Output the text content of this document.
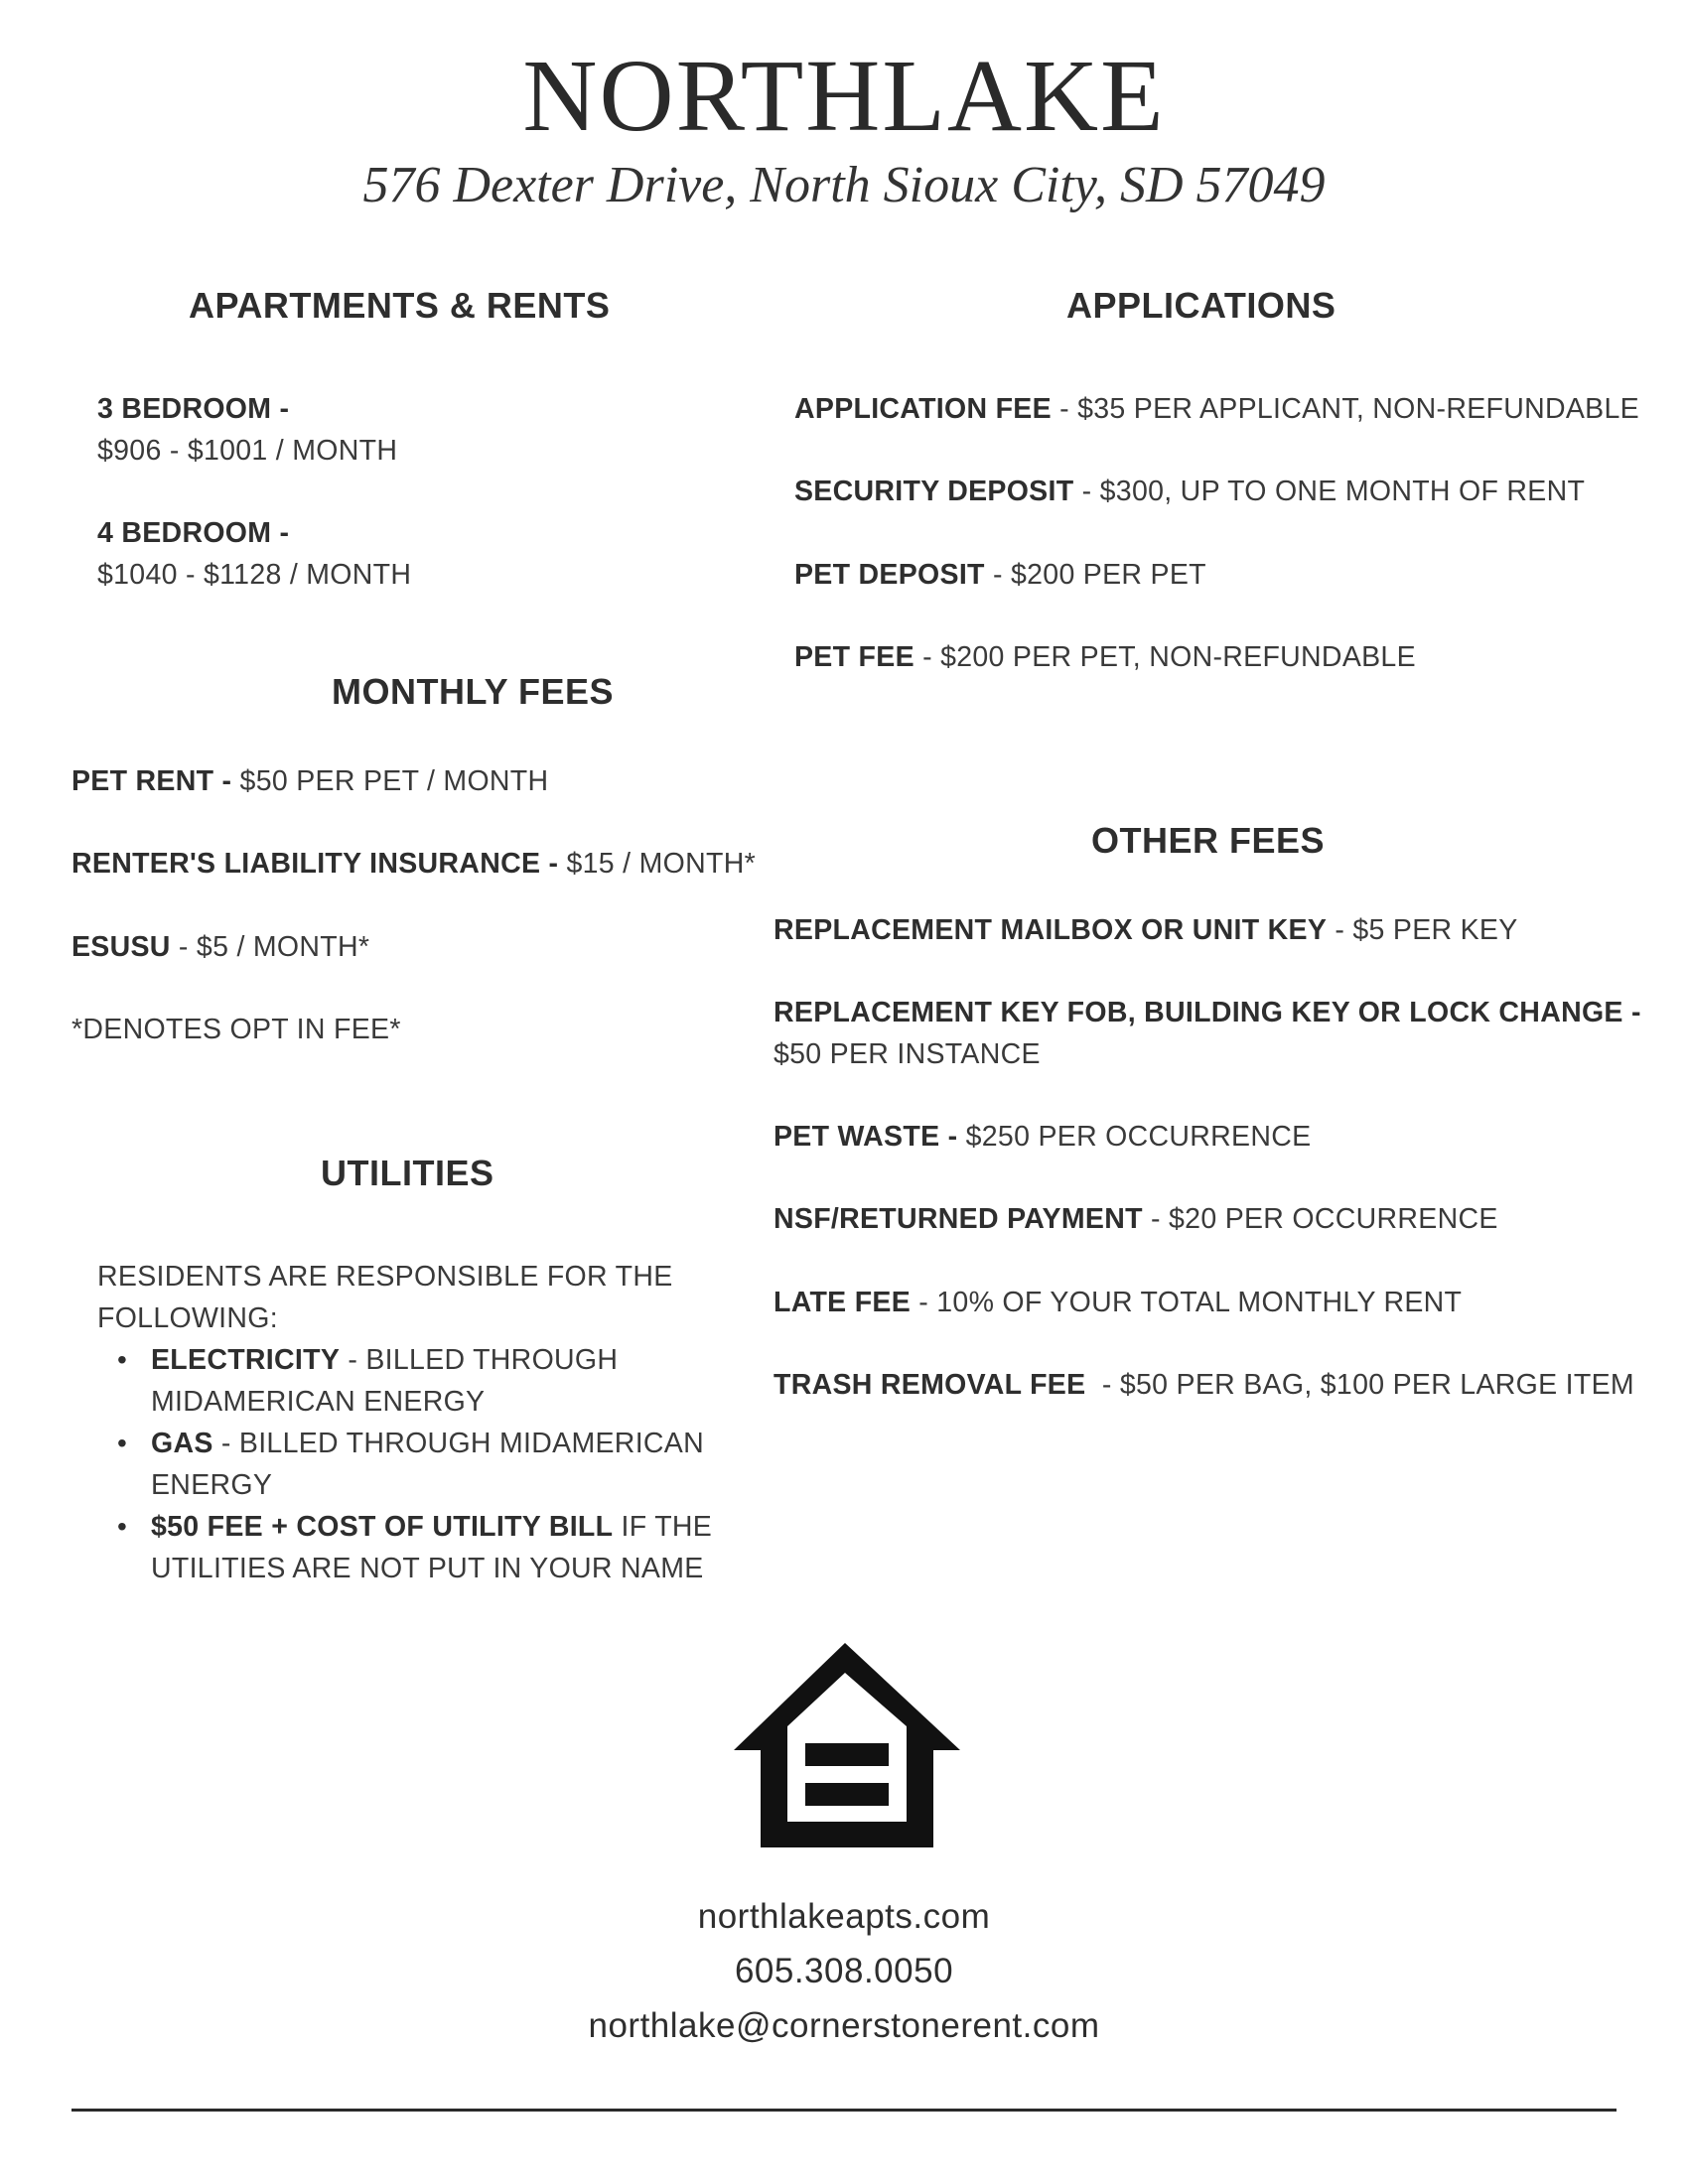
NORTHLAKE
576 Dexter Drive, North Sioux City, SD 57049
APARTMENTS & RENTS
3 BEDROOM -
$906 - $1001 / MONTH
4 BEDROOM -
$1040 - $1128 / MONTH
MONTHLY FEES
PET RENT - $50 PER PET / MONTH
RENTER'S LIABILITY INSURANCE - $15 / MONTH*
ESUSU - $5 / MONTH*
*DENOTES OPT IN FEE*
UTILITIES
RESIDENTS ARE RESPONSIBLE FOR THE
FOLLOWING:
• ELECTRICITY - BILLED THROUGH
MIDAMERICAN ENERGY
• GAS - BILLED THROUGH MIDAMERICAN
ENERGY
• $50 FEE + COST OF UTILITY BILL IF THE
UTILITIES ARE NOT PUT IN YOUR NAME
APPLICATIONS
APPLICATION FEE - $35 PER APPLICANT, NON-REFUNDABLE
SECURITY DEPOSIT - $300, UP TO ONE MONTH OF RENT
PET DEPOSIT - $200 PER PET
PET FEE - $200 PER PET, NON-REFUNDABLE
OTHER FEES
REPLACEMENT MAILBOX OR UNIT KEY - $5 PER KEY
REPLACEMENT KEY FOB, BUILDING KEY OR LOCK CHANGE -
$50 PER INSTANCE
PET WASTE - $250 PER OCCURRENCE
NSF/RETURNED PAYMENT - $20 PER OCCURRENCE
LATE FEE - 10% OF YOUR TOTAL MONTHLY RENT
TRASH REMOVAL FEE  - $50 PER BAG, $100 PER LARGE ITEM
northlakeapts.com
605.308.0050
northlake@cornerstonerent.com
